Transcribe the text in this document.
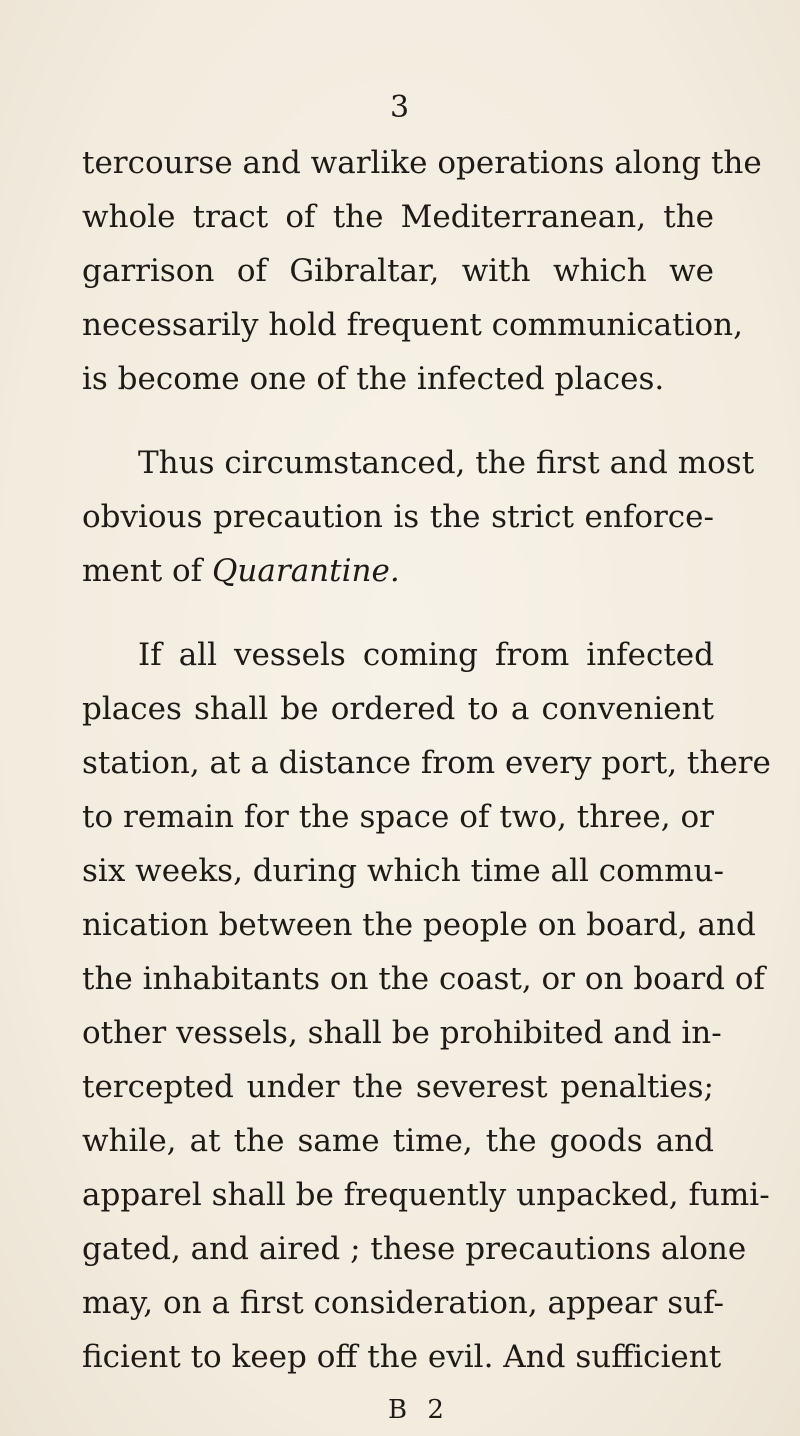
3
tercourse and warlike operations along the
whole tract of the Mediterranean, the
garrison of Gibraltar, with which we
necessarily hold frequent communication,
is become one of the infected places.
Thus circumstanced, the first and most
obvious precaution is the strict enforce-
ment of Quarantine.
If all vessels coming from infected
places shall be ordered to a convenient
station, at a distance from every port, there
to remain for the space of two, three, or
six weeks, during which time all commu-
nication between the people on board, and
the inhabitants on the coast, or on board of
other vessels, shall be prohibited and in-
tercepted under the severest penalties;
while, at the same time, the goods and
apparel shall be frequently unpacked, fumi-
gated, and aired ; these precautions alone
may, on a first consideration, appear suf-
ficient to keep off the evil. And sufficient
B 2
